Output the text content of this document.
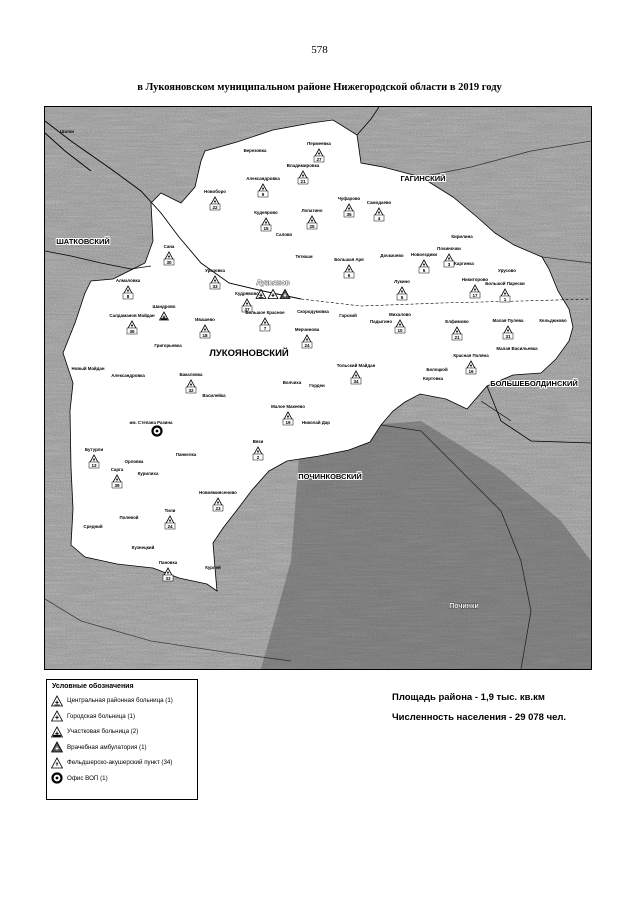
578
в Лукояновском муниципальном районе Нижегородской области в 2019 году
Березовка
Пермеевка
27
Владимировка
21
Александровка
9
Новоборо
22
Чуфарово
35
Самодаево
4
Кудеярово
15
Лопатино
25
Салово	Кирилина
Починочки
3
Новоездики
5
Дочкачево
Большая Аря
6
Тетюши
Сана
30
Уразовка
33
Алмаловка
8
Никиторово
17
Большой Парески
1
Лукино
5
Кудрявово
37
Шандрово
Салдаманов Майдан
36
Ивашево
18
Большое Красное
7
Скородумовка
Гарский	Михалово
10
Падыгино	Елфимово
21
Малая Пулева
31
Кельдюково
Мерчинова
24
Григорьевка
Малая Васильевка
Новый Майдан
Александровка	Бакаловка
32
Тольский Майдан
34
Болоцкой
Красная Поляна
16
Кортовка
Волчиха
Гордеи
Василейка
Малое Макеево
19	Николай Дар
им. Степана Разина
Вязи
2
Бутурли
13
Панкелка
Орловка
Сарга
39
Курилиха
Новоямиясеново
23
Тили
24
Полевой
Средний
Кузнецкий
Пановка
33
Курлей
Шатки
Каргинка
Урусово
Лукоянов
Починки
ЛУКОЯНОВСКИЙ
ШАТКОВСКИЙ
ГАГИНСКИЙ
БОЛЬШЕБОЛДИНСКИЙ
ПОЧИНКОВСКИЙ
Условные обозначения
Центральная районная больница (1)
Городская больница (1)
Участковая больница (2)
Врачебная амбулатория (1)
Фельдшерско-акушерский пункт (34)
Офис ВОП (1)
Площадь района - 1,9 тыс. кв.км
Численность населения - 29 078 чел.
